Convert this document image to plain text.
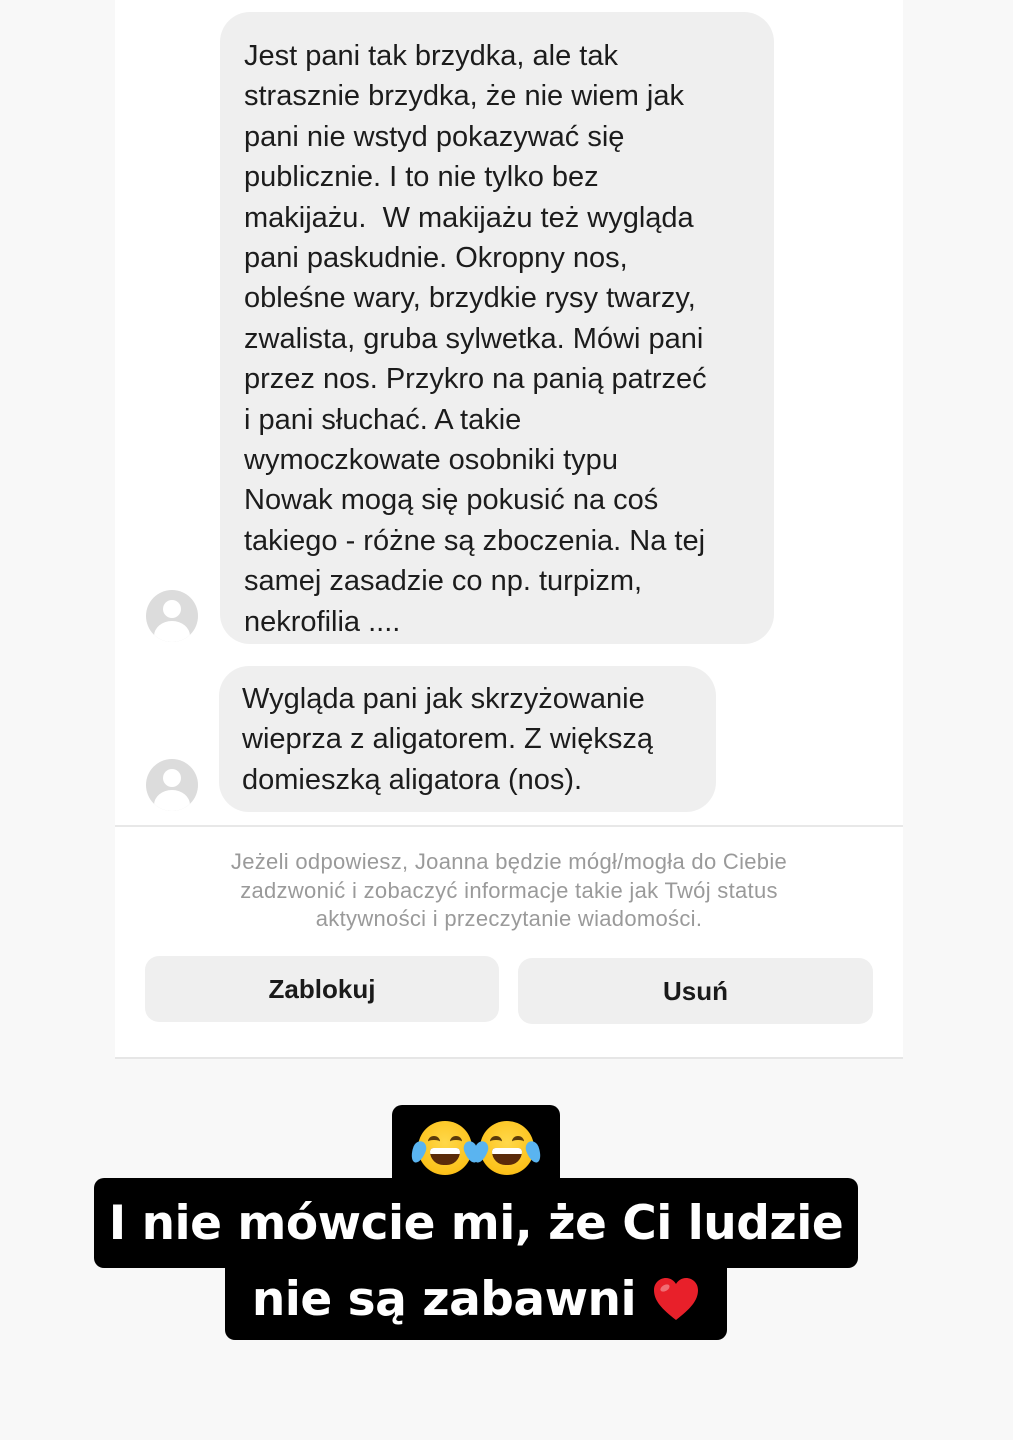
Jest pani tak brzydka, ale tak
strasznie brzydka, że nie wiem jak
pani nie wstyd pokazywać się
publicznie. I to nie tylko bez
makijażu.  W makijażu też wygląda
pani paskudnie. Okropny nos,
obleśne wary, brzydkie rysy twarzy,
zwalista, gruba sylwetka. Mówi pani
przez nos. Przykro na panią patrzeć
i pani słuchać. A takie
wymoczkowate osobniki typu
Nowak mogą się pokusić na coś
takiego - różne są zboczenia. Na tej
samej zasadzie co np. turpizm,
nekrofilia ....
Wygląda pani jak skrzyżowanie
wieprza z aligatorem. Z większą
domieszką aligatora (nos).
Jeżeli odpowiesz, Joanna będzie mógł/mogła do Ciebie
zadzwonić i zobaczyć informacje takie jak Twój status
aktywności i przeczytanie wiadomości.
Zablokuj	Usuń
I nie mówcie mi, że Ci ludzie
nie są zabawni
